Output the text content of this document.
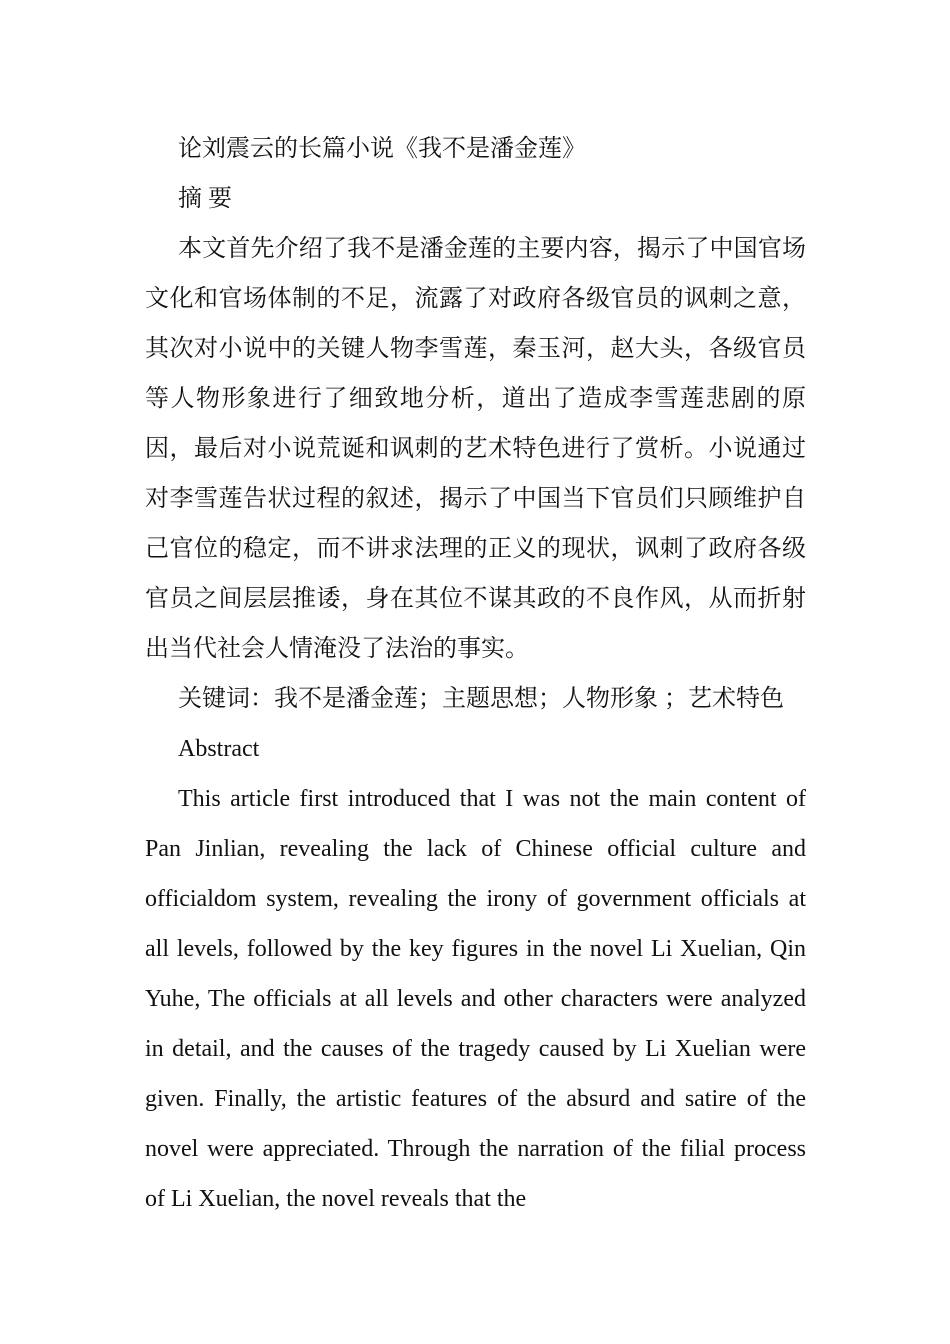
论刘震云的长篇小说《我不是潘金莲》

摘 要

本文首先介绍了我不是潘金莲的主要内容，揭示了中国官场文化和官场体制的不足，流露了对政府各级官员的讽刺之意，其次对小说中的关键人物李雪莲，秦玉河，赵大头，各级官员等人物形象进行了细致地分析，道出了造成李雪莲悲剧的原因，最后对小说荒诞和讽刺的艺术特色进行了赏析。小说通过对李雪莲告状过程的叙述，揭示了中国当下官员们只顾维护自己官位的稳定，而不讲求法理的正义的现状，讽刺了政府各级官员之间层层推诿，身在其位不谋其政的不良作风，从而折射出当代社会人情淹没了法治的事实。

关键词：我不是潘金莲；主题思想；人物形象 ；艺术特色

Abstract

This article first introduced that I was not the main content of Pan Jinlian, revealing the lack of Chinese official culture and officialdom system, revealing the irony of government officials at all levels, followed by the key figures in the novel Li Xuelian, Qin Yuhe, The officials at all levels and other characters were analyzed in detail, and the causes of the tragedy caused by Li Xuelian were given. Finally, the artistic features of the absurd and satire of the novel were appreciated. Through the narration of the filial process of Li Xuelian, the novel reveals that the
